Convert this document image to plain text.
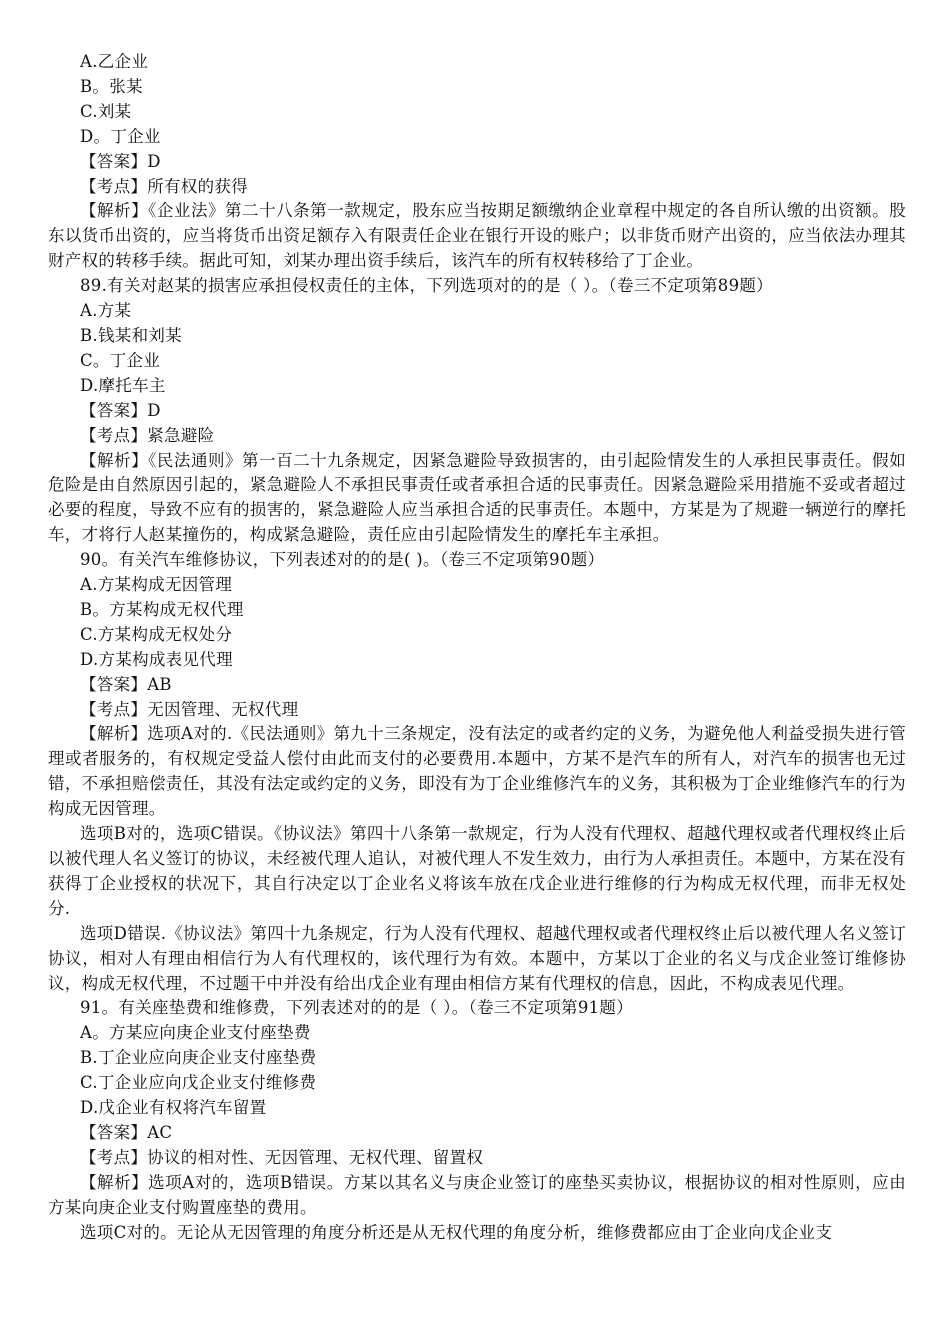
A.乙企业
B。张某
C.刘某
D。丁企业
【答案】D
【考点】所有权的获得

【解析】《企业法》第二十八条第一款规定，股东应当按期足额缴纳企业章程中规定的各自所认缴的出资额。股东以货币出资的，应当将货币出资足额存入有限责任企业在银行开设的账户；以非货币财产出资的，应当依法办理其财产权的转移手续。据此可知，刘某办理出资手续后，该汽车的所有权转移给了丁企业。

89.有关对赵某的损害应承担侵权责任的主体，下列选项对的的是（ ）。（卷三不定项第89题）
A.方某
B.钱某和刘某
C。丁企业
D.摩托车主
【答案】D
【考点】紧急避险

【解析】《民法通则》第一百二十九条规定，因紧急避险导致损害的，由引起险情发生的人承担民事责任。假如危险是由自然原因引起的，紧急避险人不承担民事责任或者承担合适的民事责任。因紧急避险采用措施不妥或者超过必要的程度，导致不应有的损害的，紧急避险人应当承担合适的民事责任。本题中，方某是为了规避一辆逆行的摩托车，才将行人赵某撞伤的，构成紧急避险，责任应由引起险情发生的摩托车主承担。

90。有关汽车维修协议，下列表述对的的是( )。（卷三不定项第90题）
A.方某构成无因管理
B。方某构成无权代理
C.方某构成无权处分
D.方某构成表见代理
【答案】AB
【考点】无因管理、无权代理

【解析】选项A对的.《民法通则》第九十三条规定，没有法定的或者约定的义务，为避免他人利益受损失进行管理或者服务的，有权规定受益人偿付由此而支付的必要费用.本题中，方某不是汽车的所有人，对汽车的损害也无过错，不承担赔偿责任，其没有法定或约定的义务，即没有为丁企业维修汽车的义务，其积极为丁企业维修汽车的行为构成无因管理。

选项B对的，选项C错误。《协议法》第四十八条第一款规定，行为人没有代理权、超越代理权或者代理权终止后以被代理人名义签订的协议，未经被代理人追认，对被代理人不发生效力，由行为人承担责任。本题中，方某在没有获得丁企业授权的状况下，其自行决定以丁企业名义将该车放在戊企业进行维修的行为构成无权代理，而非无权处分.

选项D错误.《协议法》第四十九条规定，行为人没有代理权、超越代理权或者代理权终止后以被代理人名义签订协议，相对人有理由相信行为人有代理权的，该代理行为有效。本题中，方某以丁企业的名义与戊企业签订维修协议，构成无权代理，不过题干中并没有给出戊企业有理由相信方某有代理权的信息，因此，不构成表见代理。

91。有关座垫费和维修费，下列表述对的的是（ ）。（卷三不定项第91题）
A。方某应向庚企业支付座垫费
B.丁企业应向庚企业支付座垫费
C.丁企业应向戊企业支付维修费
D.戊企业有权将汽车留置
【答案】AC
【考点】协议的相对性、无因管理、无权代理、留置权

【解析】选项A对的，选项B错误。方某以其名义与庚企业签订的座垫买卖协议，根据协议的相对性原则，应由方某向庚企业支付购置座垫的费用。

选项C对的。无论从无因管理的角度分析还是从无权代理的角度分析，维修费都应由丁企业向戊企业支
